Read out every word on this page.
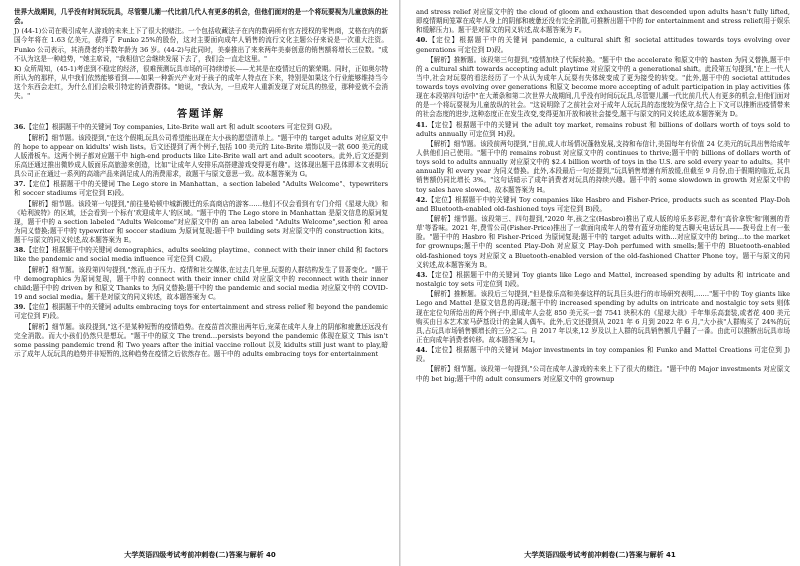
世界大战期间，几乎没有时间玩玩具，尽管婴儿潮一代比前几代人有更多的机会，但他们面对的是一个将玩要视为儿童放纵的社会。
J) (44-1)公司在吸引成年人游戏的未来上下了很大的赌注。一个包括收藏法子在内的数码所有官方授权的零售商，艾格在内的新国今年将在 1.63 亿美元，获得了 Funko 25%的股份，这对主要面向成年人销售的流行文化主题公仔来说是一次重大注资。Funko 公司表示，其消费者约半数年龄为 36 岁。(44-2)与此同时，美泰推出了来来两年美泰创意的销售额将增长三位数。"成不认为这是一种趋势，"她主席说，"我相信它会继续发展下去了，我们会一直走这里。"
K) 众所周知，(45-1)考虑到不稳定的经济，很难预测玩具市场的可持续增长——尤其是在疫情过后的繁荣期。同时，正如奥尔特所认为的那样，从中我们依然能够看到——如果一种新兴产业对于孩子的成年人特点在下来，特别是如果这个行业能够维持当今这个东西会走红，为什么们们会吸引特定的消费群体。"她说，"我认为，一旦成年人重新发现了对玩具的热爱，那种爱就不会消失。"
答题详解
36.【定位】根据题干中的关键词 Toy companies, Lite-Brite wall art 和 adult scooters 可定位到 G)段。
【解析】细节题。该段提到,"在这个假期,玩具公司希望能出现在大小孩的愿望清单上。"题干中的 target adults 对应原文中的 hope to appear on kidults' wish lists。后文还提到了两个例子,包括 100 美元的 Lite-Brite 墙饰以及一款 600 美元的成人版滑板车。这两个例子都对应题干中 high-end products like Lite-Brite wall art and adult scooters。此外,后文还提到乐高还通过推出微妙成人版面乐高旅游来创造，比如"让成年人安排乐高搭建游戏变得更有趣"。这体现出题干总体即本文表明玩具公司正在通过一系列的高端产品来满足成人的消费需求，故题干与原文意思一致。故本题答案为 G。
37.【定位】根据题干中的关键词 The Lego store in Manhattan、a section labeled "Adults Welcome"、typewriters 和 soccer stadiums 可定位到 E)段。
【解析】细节题。该段第一句提到,"前往曼哈顿中城新搬迁的乐高商店的游客……他们不仅会看到有专门介绍《星球大战》和《哈利波特》的区域，还会看到一个标有'欢迎成年人'的区域。"题干中的 The Lego store in Manhattan 是原文信息的原词复现，题干中的 a section labeled "Adults Welcome"对应原文中的 an area labeled "Adults Welcome",section 和 area 为同义替换;题干中的 typewriter 和 soccer stadium 为原词复现;题干中 building sets 对应原文中的 construction kits。题干与原文的同义转述,故本题答案为 E。
38.【定位】根据题干中的关键词 demographics、adults seeking playtime、connect with their inner child 和 factors like the pandemic and social media influence 可定位到 C)段。
【解析】细节题。该段第四句提到,"然而,由于压力、疫情和社交媒体,在过去几年里,玩耍的人群结构发生了显著变化。"题干中 demographics 为原词复现，题干中的 connect with their inner child 对应原文中的 reconnect with their inner child;题干中的 driven by 和原文 Thanks to 为同义替换;题干中的 the pandemic and social media 对应原文中的 COVID-19 and social media。题干是对原文的同义转述，故本题答案为 C。
39.【定位】根据题干中的关键词 adults embracing toys for entertainment and stress relief 和 beyond the pandemic 可定位到 F)段。
【解析】细节题。该段提到,"这不是某种短暂的疫情趋势。在疫苗首次推出两年后,宠菜在成年人身上的阴郁和疲惫还远没有完全消散。而大小孩们仍然只是想玩。"题干中的原文 The trend…persists beyond the pandemic 体现在原文 This isn't some passing pandemic trend 和 Two years after the initial vaccine rollout 以及 kidults still just want to play,暗示了成年人玩玩具的趋势并非短暂的,这种趋势在疫情之后依然存在。题干中的 adults embracing toys for entertainment
大学英语四级考试考前冲刺卷(二)答案与解析 40
and stress relief 对应原文中的 the cloud of gloom and exhaustion that descended upon adults hasn't fully lifted,即疫情期间笼罩在成年人身上的阴郁和疲惫还没有完全消散,可推断出题干中的 for entertainment and stress relief(用于娱乐和缓解压力)。题干是对原文的同义转述,故本题答案为 F。
40.【定位】根据题干中的关键词 pandemic, a cultural shift 和 societal attitudes towards toys evolving over generations 可定位到 D)段。
【解析】推断题。该段第三句提到,"疫情加快了代际转换。"题干中 the accelerate 和原文中的 hasten 为同义替换,题干中的 a cultural shift towards accepting adult playtime 对应原文中的 a generational shift。此段第五句提到,"在上一代人当中,社会对玩耍的看法经历了一个从认为成年人玩耍有失体统变成了更为接受的转变。"此外,题干中的 societal attitudes towards toys evolving over generations 和原文 become more accepting of adult participation in play activities 体现在本段第四句话中"在大萧条和第二次世界大战期间,几乎没有时间玩玩具,尽管婴儿潮一代比前几代人有更多的机会,但他们面对的是一个将玩耍视为儿童放纵的社会。"这说明除了之前社会对于成年人玩玩具的态度较为保守,结合上下文可以推断出疫情带来的社会态度的进步,这种态度正在发生改变,变得更加开放和被社会接受,题干与原文的同义转述,故本题答案为 D。
41.【定位】根据题干中的关键词 the adult toy market, remains robust 和 billions of dollars worth of toys sold to adults annually 可定位到 H)段。
【解析】细节题。该段前两句提到,"目前,成人市场情况蓬勃发展,支持和布信计,美国每年有价值 24 亿美元的玩具出售给成年人供他们自己使用。"题干中的 remains robust 对应原文中的 continues to thrive;题干中的 billions of dollars worth of toys sold to adults annually 对应原文中的 $2.4 billion worth of toys in the U.S. are sold every year to adults。其中 annually 和 every year 为同义替换。此外,本段最后一句还提到,"玩具销售增速有所放缓,但截至 9 月份,由于假期的临近,玩具销售额仍同比增长 3%。"这句话暗示了成年消费者对玩具的持续兴趣。题干中的 some slowdown in growth 对应原文中的 toy sales have slowed。故本题答案为 H。
42.【定位】根据题干中的关键词 Toy companies like Hasbro and Fisher-Price, products such as scented Play-Doh and Bluetooth-enabled old-fashioned toys 可定位到 B)段。
【解析】细节题。该段第三、四句提到,"2020 年,孩之宝(Hasbro)推出了成人版的培乐多彩泥,带有'高价拿铁'和'刚割的青草'等香味。2021 年,费雪公司(Fisher-Price)推出了一款面向成年人的带有蓝牙功能的复古聊天电话玩具——拨号盘上有一张脸。"题干中的 Hasbro 和 Fisher-Priced 为原词复现;题干中的 target adults with…对应原文中的 bring…to the market for grownups;题干中的 scented Play-Doh 对应原文 Play-Doh perfumed with smells;题干中的 Bluetooth-enabled old-fashioned toys 对应原文 a Bluetooth-enabled version of the old-fashioned Chatter Phone toy。题干与原文的同义转述,故本题答案为 B。
43.【定位】根据题干中的关键词 Toy giants like Lego and Mattel, increased spending by adults 和 intricate and nostalgic toy sets 可定位到 I)段。
【解析】推断题。该段后三句提到,"但是像乐高和美泰这样的玩具巨头进行的市场研究表明,……"题干中的 Toy giants like Lego and Mattel 是原文信息的再现;题干中的 increased spending by adults on intricate and nostalgic toy sets 则体现在定位句所给出的两个例子中,即成年人会花 850 美元买一套 7541 块积木的《星球大战》千年隼乐高套装,或者花 400 美元购买由日本艺术家马萨基设计的金属人偶车。此外,后文还提到从 2021 年 6 月到 2022 年 6 月,"大小孩"人群购买了 24%的玩具,占玩具市场销售额增长的三分之二。自 2017 年以来,12 岁及以上人群的玩具销售额几乎翻了一番。由此可以推断出玩具市场正在向成年消费者转移。故本题答案为 I。
44.【定位】根据题干中的关键词 Major investments in toy companies 和 Funko and Mattel Creations 可定位到 J)段。
【解析】细节题。该段第一句提到,"公司在成年人游戏的未来上下了很大的赌注。"题干中的 Major investments 对应原文中的 bet big;题干中的 adult consumers 对应原文中的 grownup
大学英语四级考试考前冲刺卷(二)答案与解析 41
